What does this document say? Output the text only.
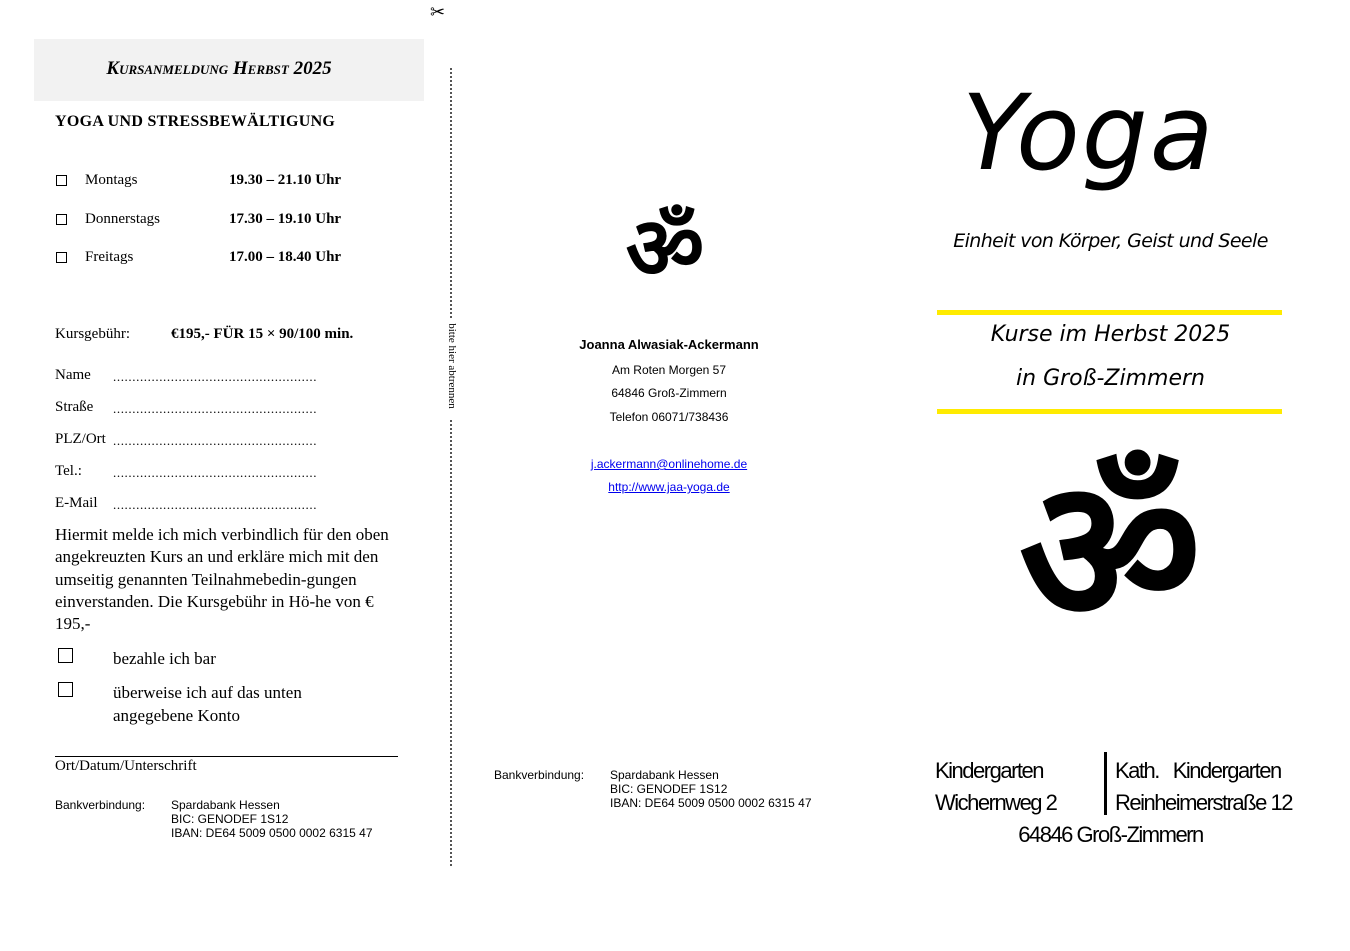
Kursanmeldung Herbst 2025
YOGA UND STRESSBEWÄLTIGUNG
Montags	19.30 – 21.10 Uhr
Donnerstags	17.30 – 19.10 Uhr
Freitags	17.00 – 18.40 Uhr
Kursgebühr:	€195,- FÜR 15 × 90/100 min.
Name .....................................................
Straße .....................................................
PLZ/Ort .....................................................
Tel.: .....................................................
E-Mail .....................................................
Hiermit melde ich mich verbindlich für den oben angekreuzten Kurs an und erkläre mich mit den umseitig genannten Teilnahmebedin-gungen einverstanden. Die Kursgebühr in Hö-he von € 195,-
bezahle ich bar
überweise ich auf das unten angegebene Konto
Ort/Datum/Unterschrift
Bankverbindung: Spardabank Hessen
BIC: GENODEF 1S12
IBAN: DE64 5009 0500 0002 6315 47
✂
bitte hier abtrennen
ॐ
Joanna Alwasiak-Ackermann
Am Roten Morgen 57
64846 Groß-Zimmern
Telefon 06071/738436
j.ackermann@onlinehome.de
http://www.jaa-yoga.de
Bankverbindung: Spardabank Hessen
BIC: GENODEF 1S12
IBAN: DE64 5009 0500 0002 6315 47
Yoga
Einheit von Körper, Geist und Seele
Kurse im Herbst 2025
in Groß-Zimmern
ॐ
Kindergarten
Wichernweg 2
Kath.   Kindergarten
Reinheimerstraße 12
64846 Groß-Zimmern
